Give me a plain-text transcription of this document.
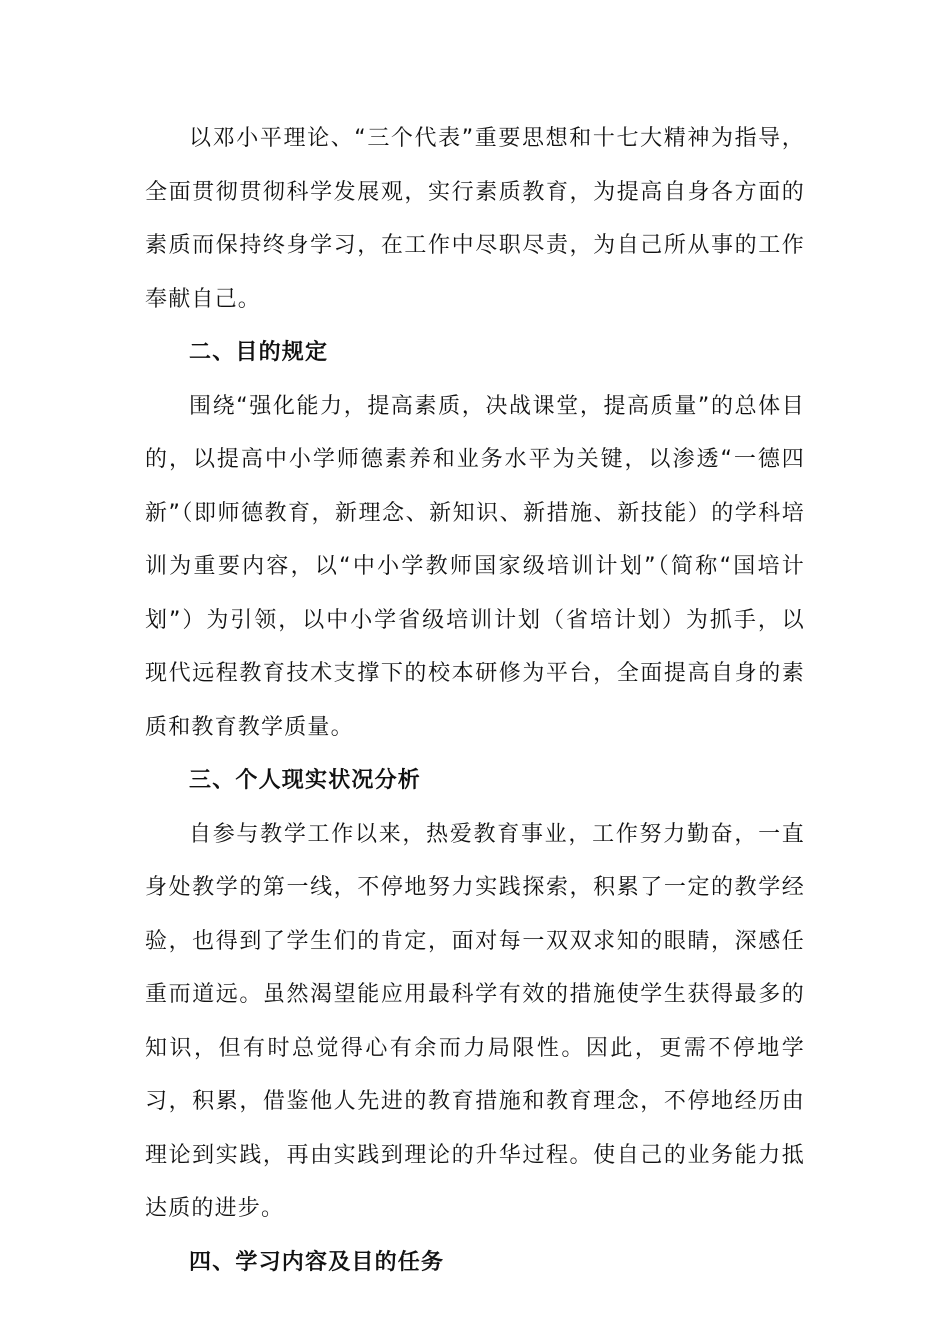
以邓小平理论、“三个代表”重要思想和十七大精神为指导，全面贯彻贯彻科学发展观，实行素质教育，为提高自身各方面的素质而保持终身学习，在工作中尽职尽责，为自己所从事的工作奉献自己。

二、目的规定

围绕“强化能力，提高素质，决战课堂，提高质量”的总体目的，以提高中小学师德素养和业务水平为关键，以渗透“一德四新”（即师德教育，新理念、新知识、新措施、新技能）的学科培训为重要内容，以“中小学教师国家级培训计划”（简称“国培计划”）为引领，以中小学省级培训计划（省培计划）为抓手，以现代远程教育技术支撑下的校本研修为平台，全面提高自身的素质和教育教学质量。

三、个人现实状况分析

自参与教学工作以来，热爱教育事业，工作努力勤奋，一直身处教学的第一线，不停地努力实践探索，积累了一定的教学经验，也得到了学生们的肯定，面对每一双双求知的眼睛，深感任重而道远。虽然渴望能应用最科学有效的措施使学生获得最多的知识，但有时总觉得心有余而力局限性。因此，更需不停地学习，积累，借鉴他人先进的教育措施和教育理念，不停地经历由理论到实践，再由实践到理论的升华过程。使自己的业务能力抵达质的进步。

四、学习内容及目的任务
